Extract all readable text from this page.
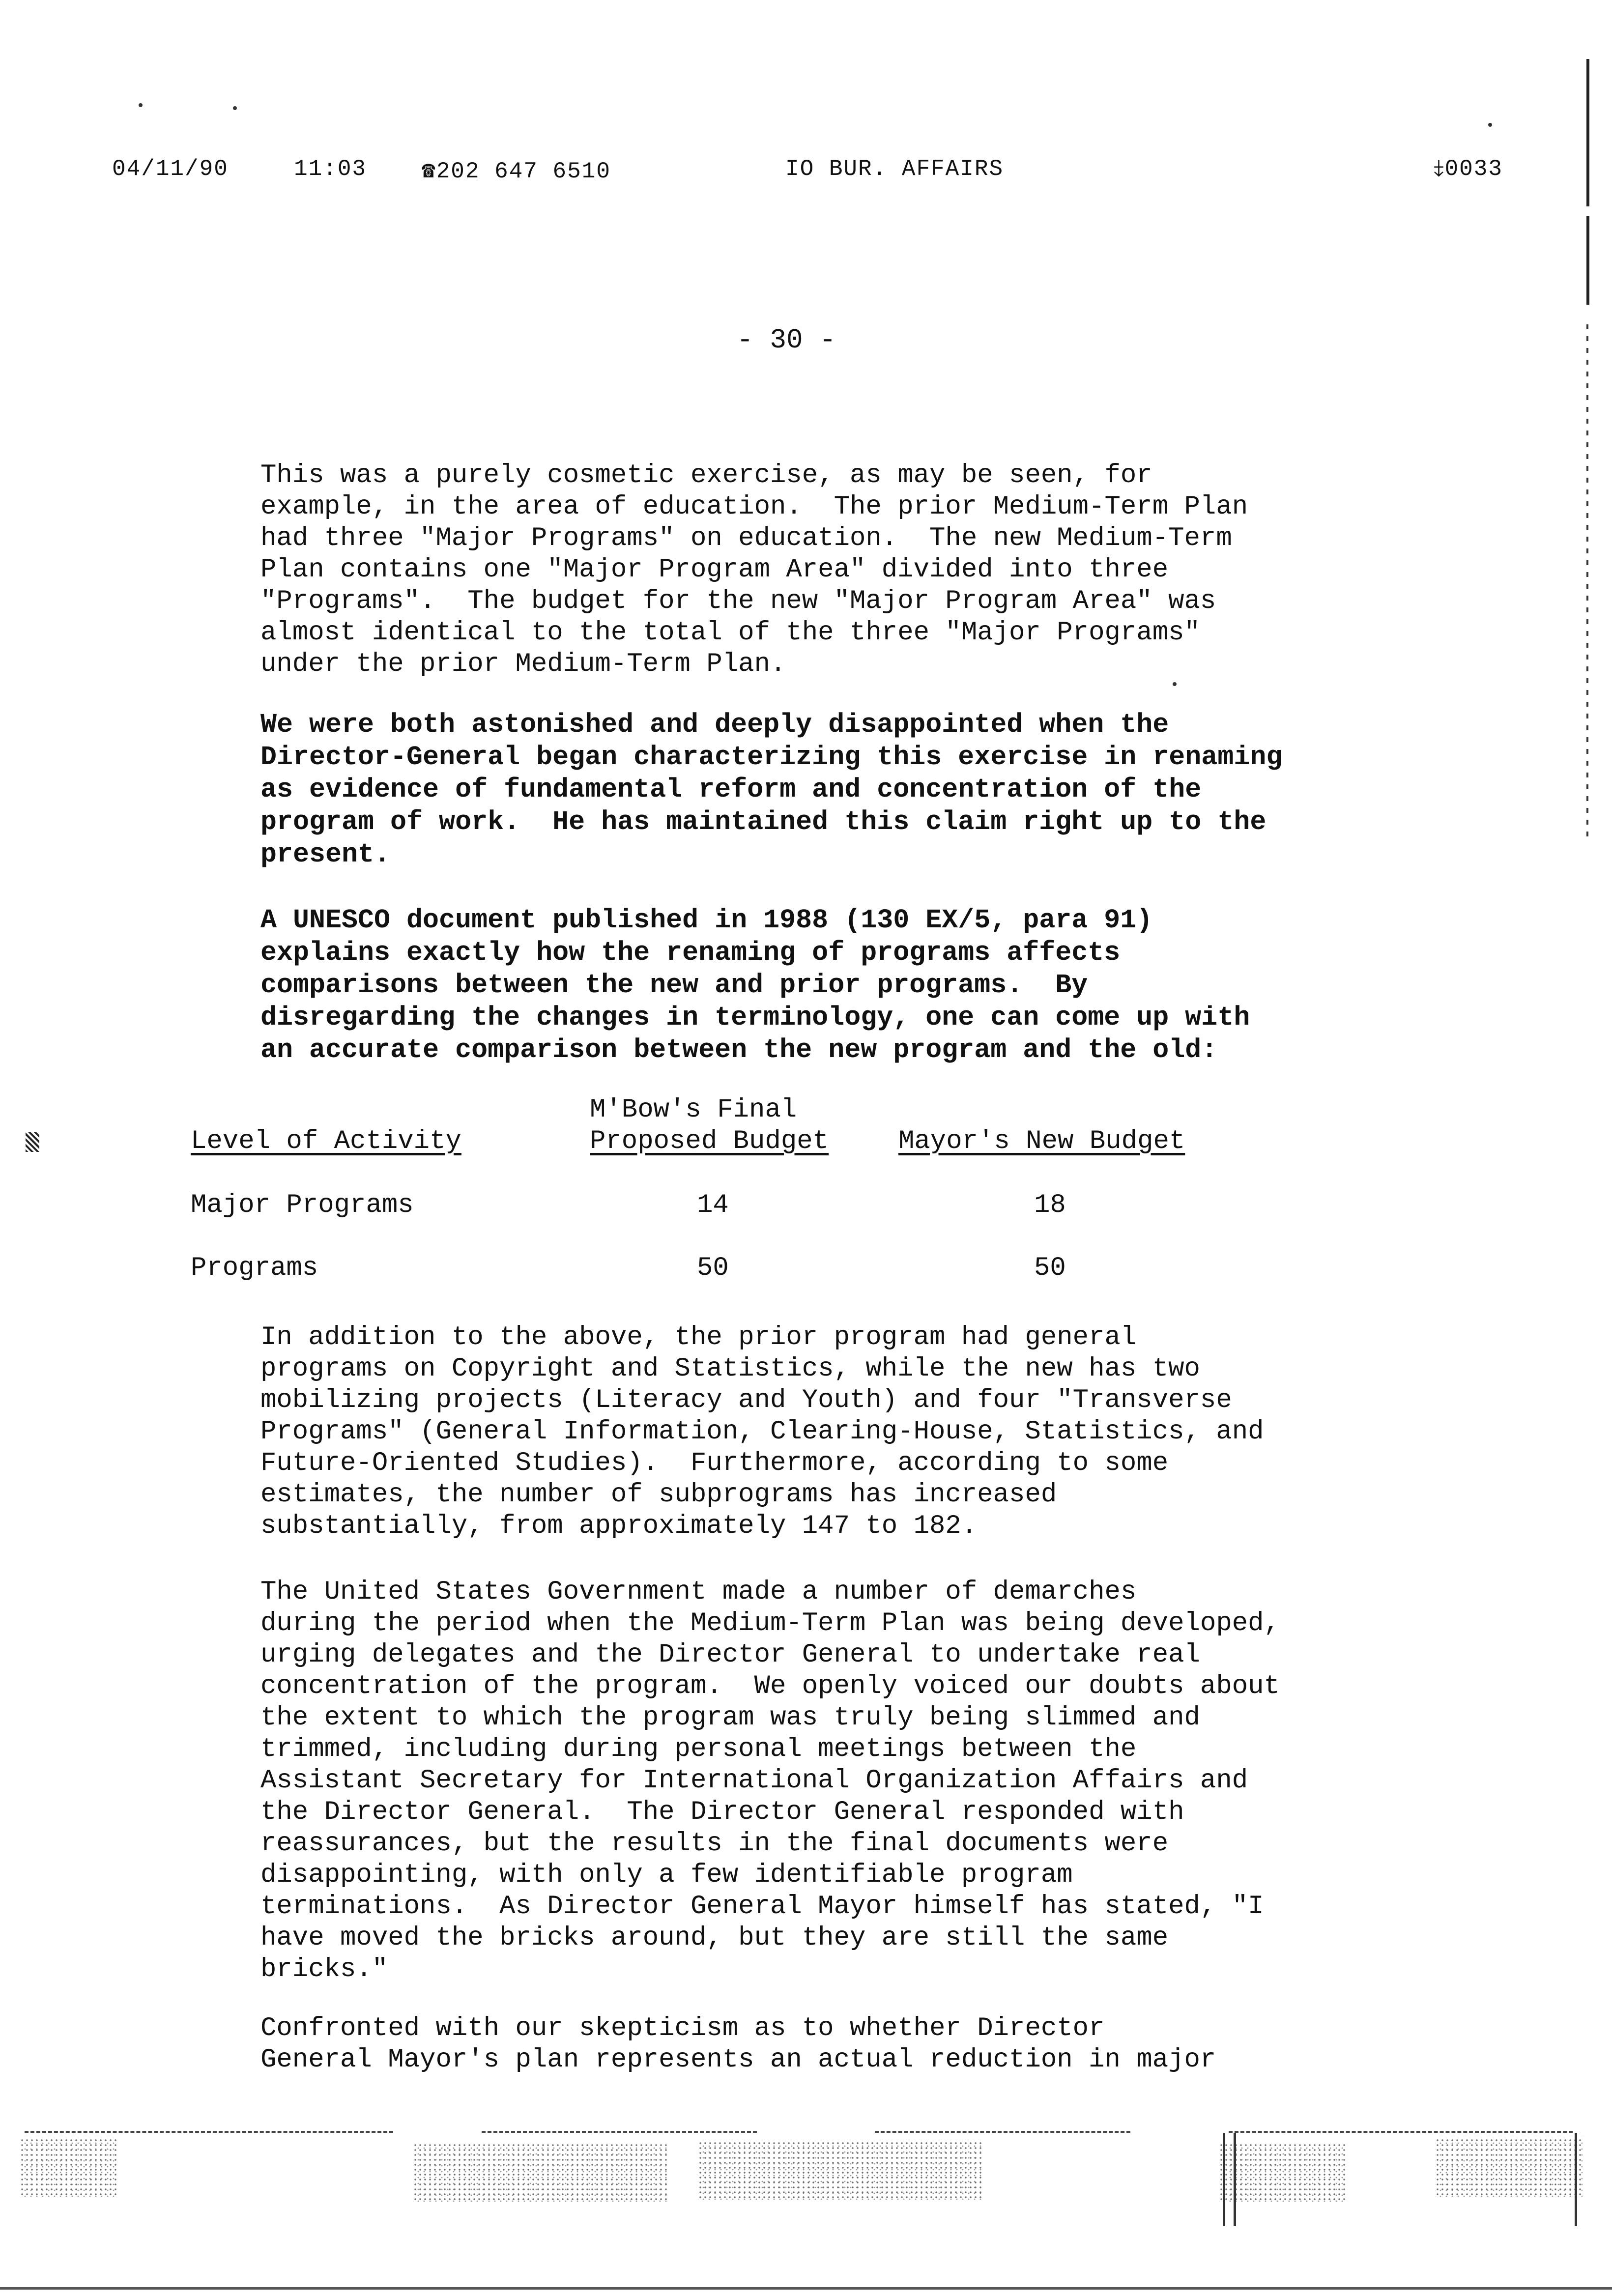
04/11/90	11:03 ☎202 647 6510	IO BUR. AFFAIRS	⤈0033
- 30 -

This was a purely cosmetic exercise, as may be seen, for
example, in the area of education.  The prior Medium-Term Plan
had three "Major Programs" on education.  The new Medium-Term
Plan contains one "Major Program Area" divided into three
"Programs".  The budget for the new "Major Program Area" was
almost identical to the total of the three "Major Programs"
under the prior Medium-Term Plan.

We were both astonished and deeply disappointed when the
Director-General began characterizing this exercise in renaming
as evidence of fundamental reform and concentration of the
program of work.  He has maintained this claim right up to the
present.

A UNESCO document published in 1988 (130 EX/5, para 91)
explains exactly how the renaming of programs affects
comparisons between the new and prior programs.  By
disregarding the changes in terminology, one can come up with
an accurate comparison between the new program and the old:

M'Bow's Final
Level of Activity	Proposed Budget	Mayor's New Budget
Major Programs	14	18
Programs	50	50

In addition to the above, the prior program had general
programs on Copyright and Statistics, while the new has two
mobilizing projects (Literacy and Youth) and four "Transverse
Programs" (General Information, Clearing-House, Statistics, and
Future-Oriented Studies).  Furthermore, according to some
estimates, the number of subprograms has increased
substantially, from approximately 147 to 182.

The United States Government made a number of demarches
during the period when the Medium-Term Plan was being developed,
urging delegates and the Director General to undertake real
concentration of the program.  We openly voiced our doubts about
the extent to which the program was truly being slimmed and
trimmed, including during personal meetings between the
Assistant Secretary for International Organization Affairs and
the Director General.  The Director General responded with
reassurances, but the results in the final documents were
disappointing, with only a few identifiable program
terminations.  As Director General Mayor himself has stated, "I
have moved the bricks around, but they are still the same
bricks."

Confronted with our skepticism as to whether Director
General Mayor's plan represents an actual reduction in major
